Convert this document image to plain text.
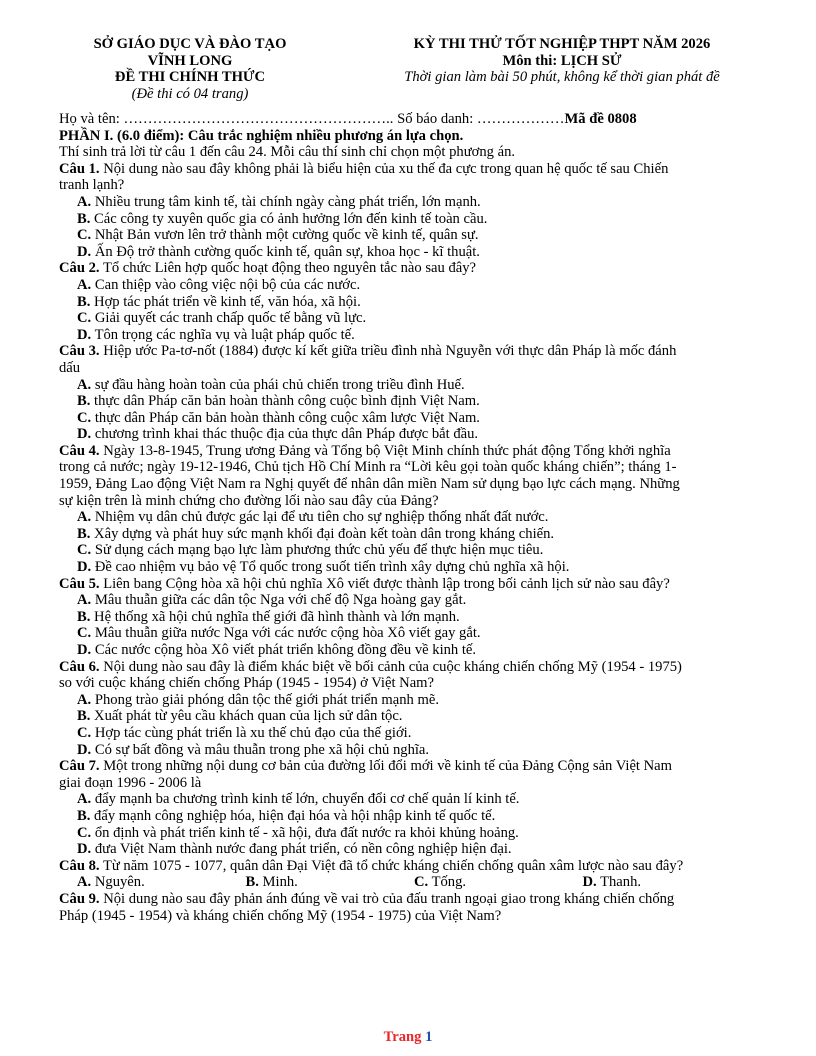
SỞ GIÁO DỤC VÀ ĐÀO TẠO
VĨNH LONG
ĐỀ THI CHÍNH THỨC
(Đề thi có 04 trang)
KỲ THI THỬ TỐT NGHIỆP THPT NĂM 2026
Môn thi: LỊCH SỬ
Thời gian làm bài 50 phút, không kể thời gian phát đề
Họ và tên: ……………………………………………….. Số báo danh: ………………Mã đề 0808
PHẦN I. (6.0 điểm): Câu trắc nghiệm nhiều phương án lựa chọn.
Thí sinh trả lời từ câu 1 đến câu 24. Mỗi câu thí sinh chỉ chọn một phương án.
Câu 1. Nội dung nào sau đây không phải là biểu hiện của xu thế đa cực trong quan hệ quốc tế sau Chiến
tranh lạnh?
A. Nhiều trung tâm kinh tế, tài chính ngày càng phát triển, lớn mạnh.
B. Các công ty xuyên quốc gia có ảnh hưởng lớn đến kinh tế toàn cầu.
C. Nhật Bản vươn lên trở thành một cường quốc về kinh tế, quân sự.
D. Ấn Độ trở thành cường quốc kinh tế, quân sự, khoa học - kĩ thuật.
Câu 2. Tổ chức Liên hợp quốc hoạt động theo nguyên tắc nào sau đây?
A. Can thiệp vào công việc nội bộ của các nước.
B. Hợp tác phát triển về kinh tế, văn hóa, xã hội.
C. Giải quyết các tranh chấp quốc tế bằng vũ lực.
D. Tôn trọng các nghĩa vụ và luật pháp quốc tế.
Câu 3. Hiệp ước Pa-tơ-nốt (1884) được kí kết giữa triều đình nhà Nguyễn với thực dân Pháp là mốc đánh
dấu
A. sự đầu hàng hoàn toàn của phái chủ chiến trong triều đình Huế.
B. thực dân Pháp căn bản hoàn thành công cuộc bình định Việt Nam.
C. thực dân Pháp căn bản hoàn thành công cuộc xâm lược Việt Nam.
D. chương trình khai thác thuộc địa của thực dân Pháp được bắt đầu.
Câu 4. Ngày 13-8-1945, Trung ương Đảng và Tổng bộ Việt Minh chính thức phát động Tổng khởi nghĩa
trong cả nước; ngày 19-12-1946, Chủ tịch Hồ Chí Minh ra “Lời kêu gọi toàn quốc kháng chiến”; tháng 1-
1959, Đảng Lao động Việt Nam ra Nghị quyết để nhân dân miền Nam sử dụng bạo lực cách mạng. Những
sự kiện trên là minh chứng cho đường lối nào sau đây của Đảng?
A. Nhiệm vụ dân chủ được gác lại để ưu tiên cho sự nghiệp thống nhất đất nước.
B. Xây dựng và phát huy sức mạnh khối đại đoàn kết toàn dân trong kháng chiến.
C. Sử dụng cách mạng bạo lực làm phương thức chủ yếu để thực hiện mục tiêu.
D. Đề cao nhiệm vụ bảo vệ Tổ quốc trong suốt tiến trình xây dựng chủ nghĩa xã hội.
Câu 5. Liên bang Cộng hòa xã hội chủ nghĩa Xô viết được thành lập trong bối cảnh lịch sử nào sau đây?
A. Mâu thuẫn giữa các dân tộc Nga với chế độ Nga hoàng gay gắt.
B. Hệ thống xã hội chủ nghĩa thế giới đã hình thành và lớn mạnh.
C. Mâu thuẫn giữa nước Nga với các nước cộng hòa Xô viết gay gắt.
D. Các nước cộng hòa Xô viết phát triển không đồng đều về kinh tế.
Câu 6. Nội dung nào sau đây là điểm khác biệt về bối cảnh của cuộc kháng chiến chống Mỹ (1954 - 1975)
so với cuộc kháng chiến chống Pháp (1945 - 1954) ở Việt Nam?
A. Phong trào giải phóng dân tộc thế giới phát triển mạnh mẽ.
B. Xuất phát từ yêu cầu khách quan của lịch sử dân tộc.
C. Hợp tác cùng phát triển là xu thế chủ đạo của thế giới.
D. Có sự bất đồng và mâu thuẫn trong phe xã hội chủ nghĩa.
Câu 7. Một trong những nội dung cơ bản của đường lối đổi mới về kinh tế của Đảng Cộng sản Việt Nam
giai đoạn 1996 - 2006 là
A. đẩy mạnh ba chương trình kinh tế lớn, chuyển đổi cơ chế quản lí kinh tế.
B. đẩy mạnh công nghiệp hóa, hiện đại hóa và hội nhập kinh tế quốc tế.
C. ổn định và phát triển kinh tế - xã hội, đưa đất nước ra khỏi khủng hoảng.
D. đưa Việt Nam thành nước đang phát triển, có nền công nghiệp hiện đại.
Câu 8. Từ năm 1075 - 1077, quân dân Đại Việt đã tổ chức kháng chiến chống quân xâm lược nào sau đây?
A. Nguyên.	B. Minh.	C. Tống.	D. Thanh.
Câu 9. Nội dung nào sau đây phản ánh đúng về vai trò của đấu tranh ngoại giao trong kháng chiến chống
Pháp (1945 - 1954) và kháng chiến chống Mỹ (1954 - 1975) của Việt Nam?
Trang 1
